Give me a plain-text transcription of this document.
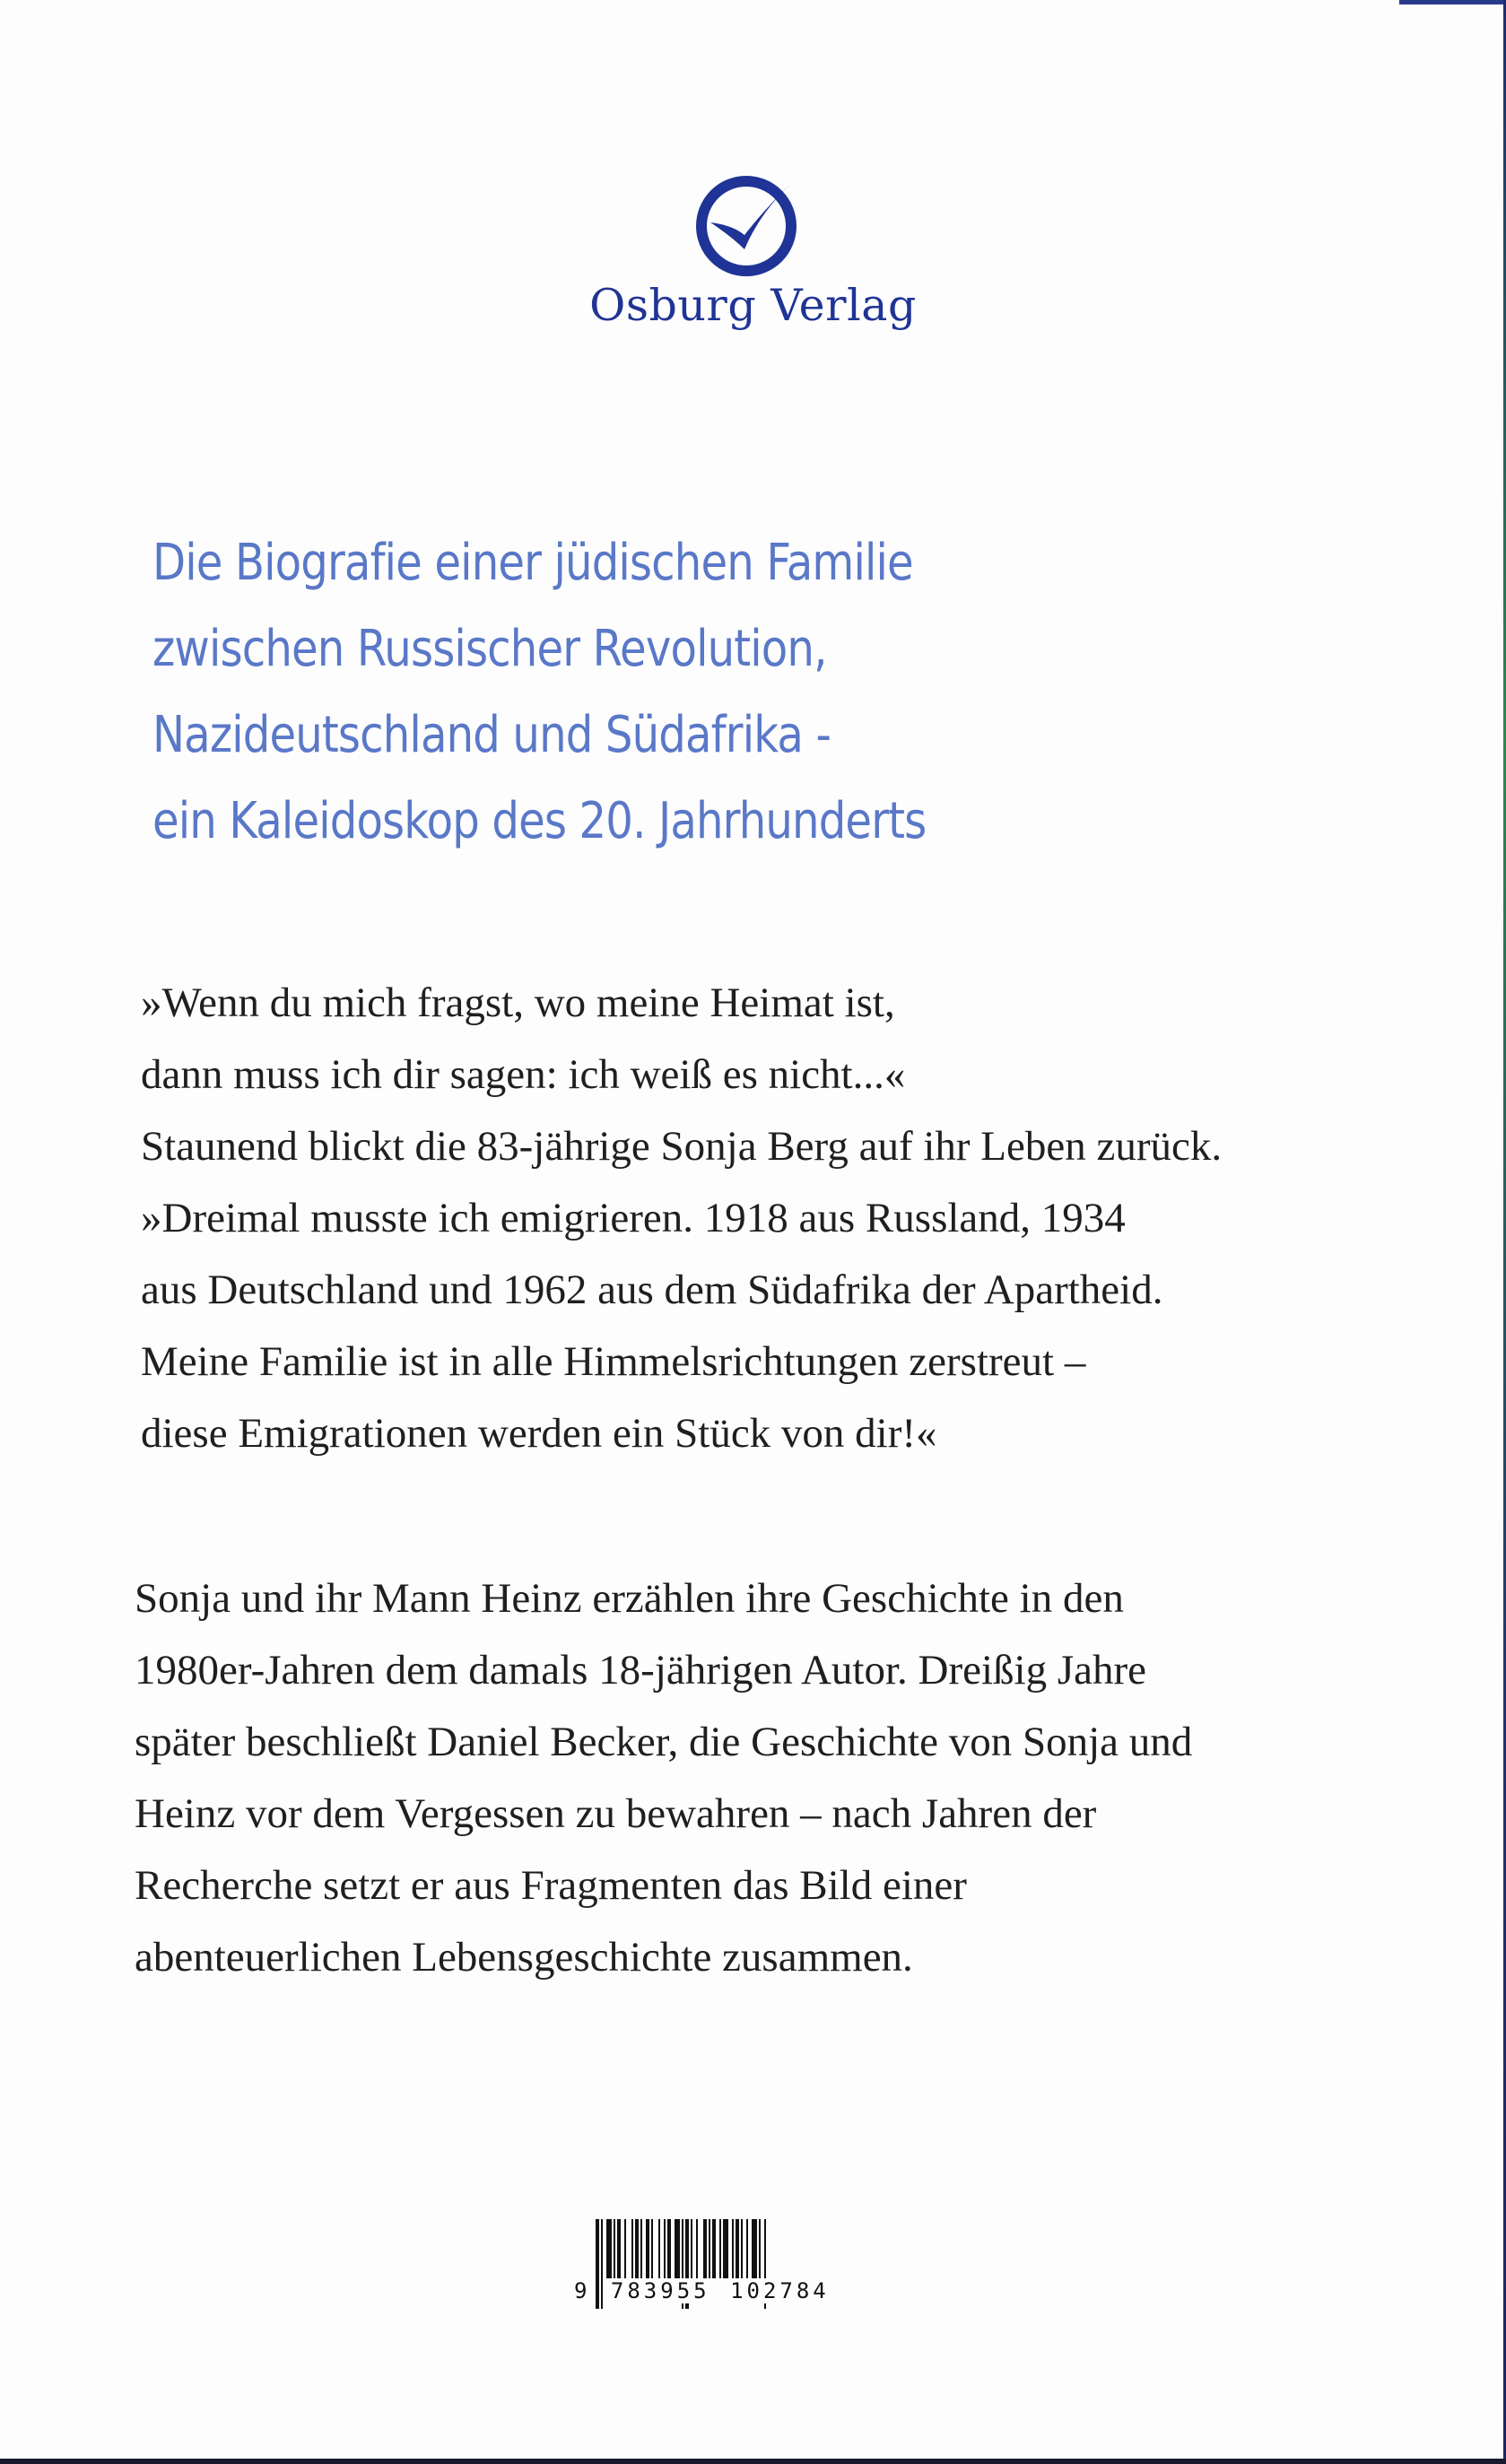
Osburg Verlag
Die Biografie einer jüdischen Familie
zwischen Russischer Revolution,
Nazideutschland und Südafrika -
ein Kaleidoskop des 20. Jahrhunderts
»Wenn du mich fragst, wo meine Heimat ist,
dann muss ich dir sagen: ich weiß es nicht...«
Staunend blickt die 83-jährige Sonja Berg auf ihr Leben zurück.
»Dreimal musste ich emigrieren. 1918 aus Russland, 1934
aus Deutschland und 1962 aus dem Südafrika der Apartheid.
Meine Familie ist in alle Himmelsrichtungen zerstreut –
diese Emigrationen werden ein Stück von dir!«
Sonja und ihr Mann Heinz erzählen ihre Geschichte in den
1980er-Jahren dem damals 18-jährigen Autor. Dreißig Jahre
später beschließt Daniel Becker, die Geschichte von Sonja und
Heinz vor dem Vergessen zu bewahren – nach Jahren der
Recherche setzt er aus Fragmenten das Bild einer
abenteuerlichen Lebensgeschichte zusammen.
9 783955 102784
